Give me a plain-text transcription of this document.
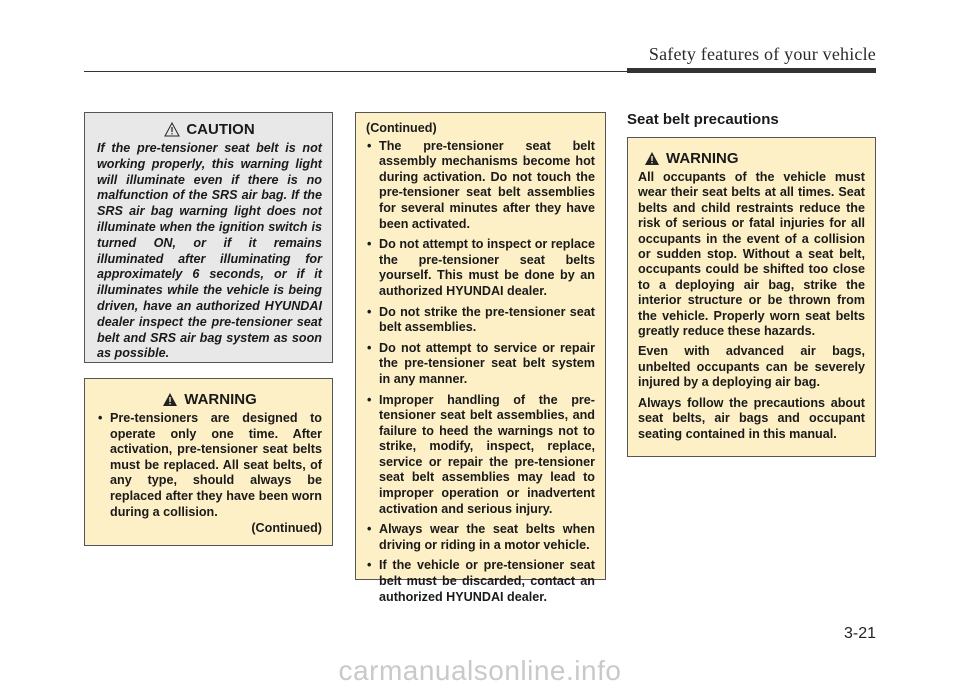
Safety features of your vehicle
CAUTION

If the pre-tensioner seat belt is not working properly, this warning light will illuminate even if there is no malfunction of the SRS air bag. If the SRS air bag warning light does not illuminate when the ignition switch is turned ON, or if it remains illuminated after illuminating for approximately 6 seconds, or if it illuminates while the vehicle is being driven, have an authorized HYUNDAI dealer inspect the pre-tensioner seat belt and SRS air bag system as soon as possible.

WARNING
• Pre-tensioners are designed to operate only one time. After activation, pre-tensioner seat belts must be replaced. All seat belts, of any type, should always be replaced after they have been worn during a collision.
(Continued)
(Continued)
• The pre-tensioner seat belt assembly mechanisms become hot during activation. Do not touch the pre-tensioner seat belt assemblies for several minutes after they have been activated.
• Do not attempt to inspect or replace the pre-tensioner seat belts yourself. This must be done by an authorized HYUNDAI dealer.
• Do not strike the pre-tensioner seat belt assemblies.
• Do not attempt to service or repair the pre-tensioner seat belt system in any manner.
• Improper handling of the pre-tensioner seat belt assemblies, and failure to heed the warnings not to strike, modify, inspect, replace, service or repair the pre-tensioner seat belt assemblies may lead to improper operation or inadvertent activation and serious injury.
• Always wear the seat belts when driving or riding in a motor vehicle.
• If the vehicle or pre-tensioner seat belt must be discarded, contact an authorized HYUNDAI dealer.
Seat belt precautions
WARNING

All occupants of the vehicle must wear their seat belts at all times. Seat belts and child restraints reduce the risk of serious or fatal injuries for all occupants in the event of a collision or sudden stop. Without a seat belt, occupants could be shifted too close to a deploying air bag, strike the interior structure or be thrown from the vehicle. Properly worn seat belts greatly reduce these hazards.

Even with advanced air bags, unbelted occupants can be severely injured by a deploying air bag.

Always follow the precautions about seat belts, air bags and occupant seating contained in this manual.

3-21
carmanualsonline.info
